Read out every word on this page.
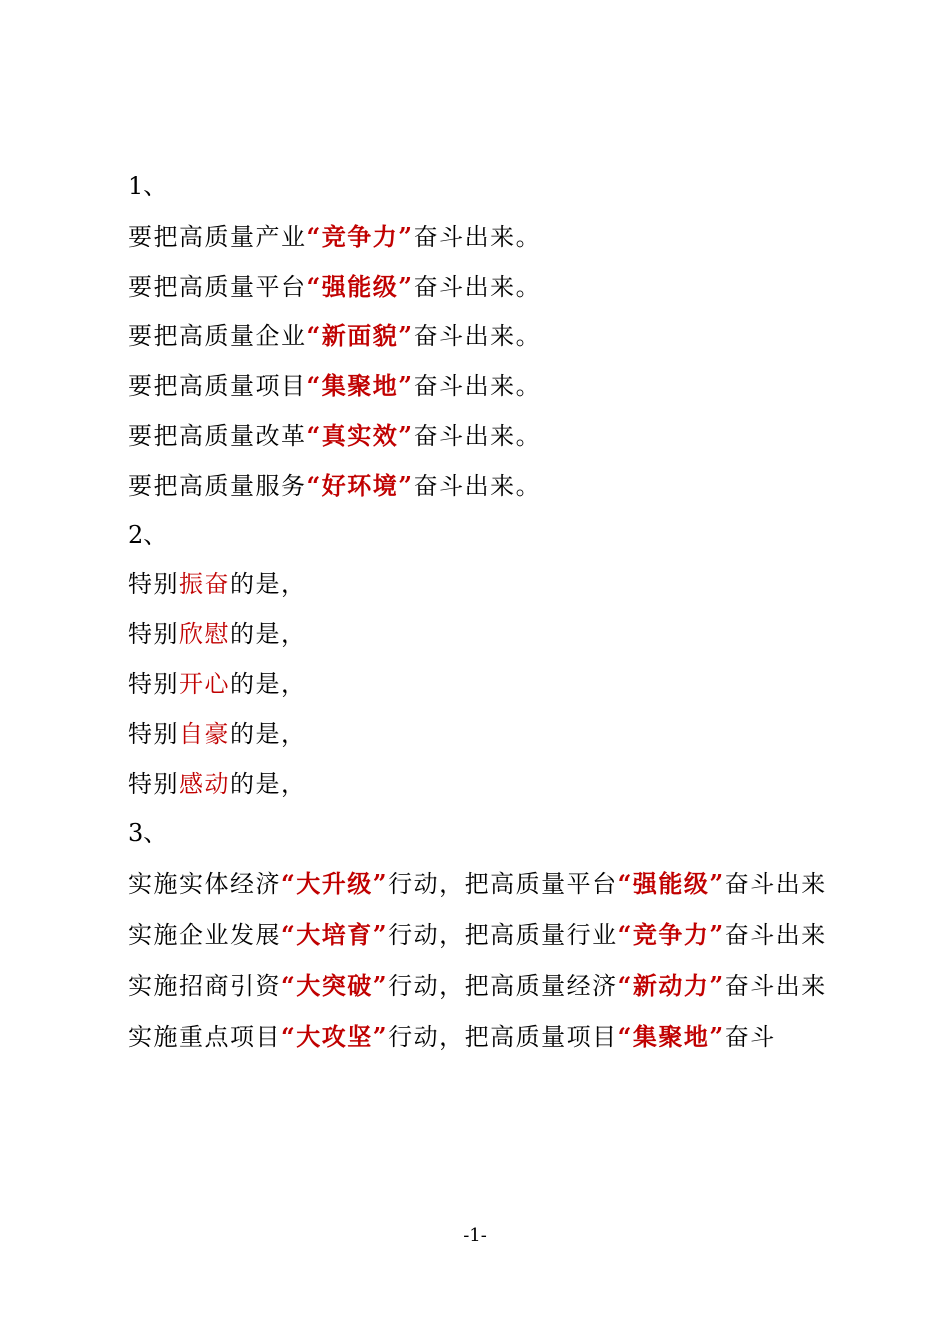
1、
要把高质量产业“竞争力”奋斗出来。
要把高质量平台“强能级”奋斗出来。
要把高质量企业“新面貌”奋斗出来。
要把高质量项目“集聚地”奋斗出来。
要把高质量改革“真实效”奋斗出来。
要把高质量服务“好环境”奋斗出来。
2、
特别振奋的是，
特别欣慰的是，
特别开心的是，
特别自豪的是，
特别感动的是，
3、
实施实体经济“大升级”行动，把高质量平台“强能级”奋斗出来
实施企业发展“大培育”行动，把高质量行业“竞争力”奋斗出来
实施招商引资“大突破”行动，把高质量经济“新动力”奋斗出来
实施重点项目“大攻坚”行动，把高质量项目“集聚地”奋斗
-1-
